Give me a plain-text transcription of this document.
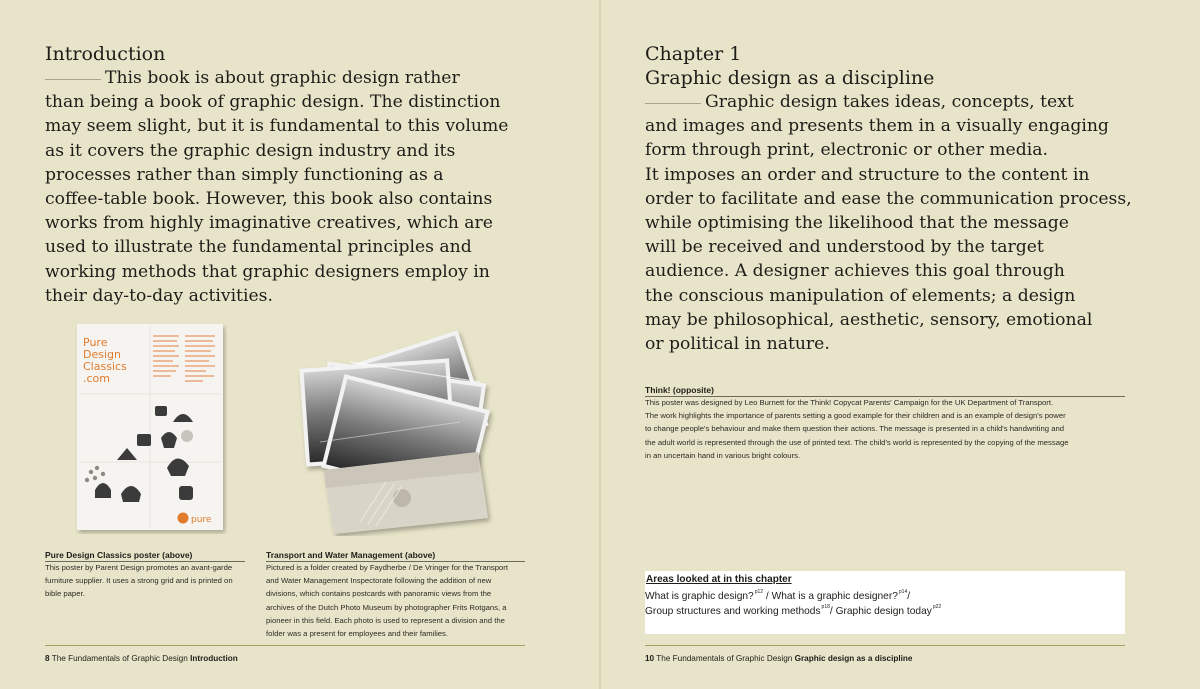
Introduction
This book is about graphic design rather
than being a book of graphic design. The distinction
may seem slight, but it is fundamental to this volume
as it covers the graphic design industry and its
processes rather than simply functioning as a
coffee-table book. However, this book also contains
works from highly imaginative creatives, which are
used to illustrate the fundamental principles and
working methods that graphic designers employ in
their day-to-day activities.
Pure
Design
Classics
.com
pure
Pure Design Classics poster (above)
This poster by Parent Design promotes an avant-garde
furniture supplier. It uses a strong grid and is printed on
bible paper.
Transport and Water Management (above)
Pictured is a folder created by Faydherbe / De Vringer for the Transport
and Water Management Inspectorate following the addition of new
divisions, which contains postcards with panoramic views from the
archives of the Dutch Photo Museum by photographer Frits Rotgans, a
pioneer in this field. Each photo is used to represent a division and the
folder was a present for employees and their families.
8 The Fundamentals of Graphic Design Introduction
Chapter 1
Graphic design as a discipline
Graphic design takes ideas, concepts, text
and images and presents them in a visually engaging
form through print, electronic or other media.
It imposes an order and structure to the content in
order to facilitate and ease the communication process,
while optimising the likelihood that the message
will be received and understood by the target
audience. A designer achieves this goal through
the conscious manipulation of elements; a design
may be philosophical, aesthetic, sensory, emotional
or political in nature.
Think! (opposite)
This poster was designed by Leo Burnett for the Think! Copycat Parents' Campaign for the UK Department of Transport.
The work highlights the importance of parents setting a good example for their children and is an example of design's power
to change people's behaviour and make them question their actions. The message is presented in a child's handwriting and
the adult world is represented through the use of printed text. The child's world is represented by the copying of the message
in an uncertain hand in various bright colours.
Areas looked at in this chapter
What is graphic design?$^{p12}$ / What is a graphic designer?$^{p14}$/
Group structures and working methods$^{p18}$/ Graphic design today$^{p22}$
10 The Fundamentals of Graphic Design Graphic design as a discipline
